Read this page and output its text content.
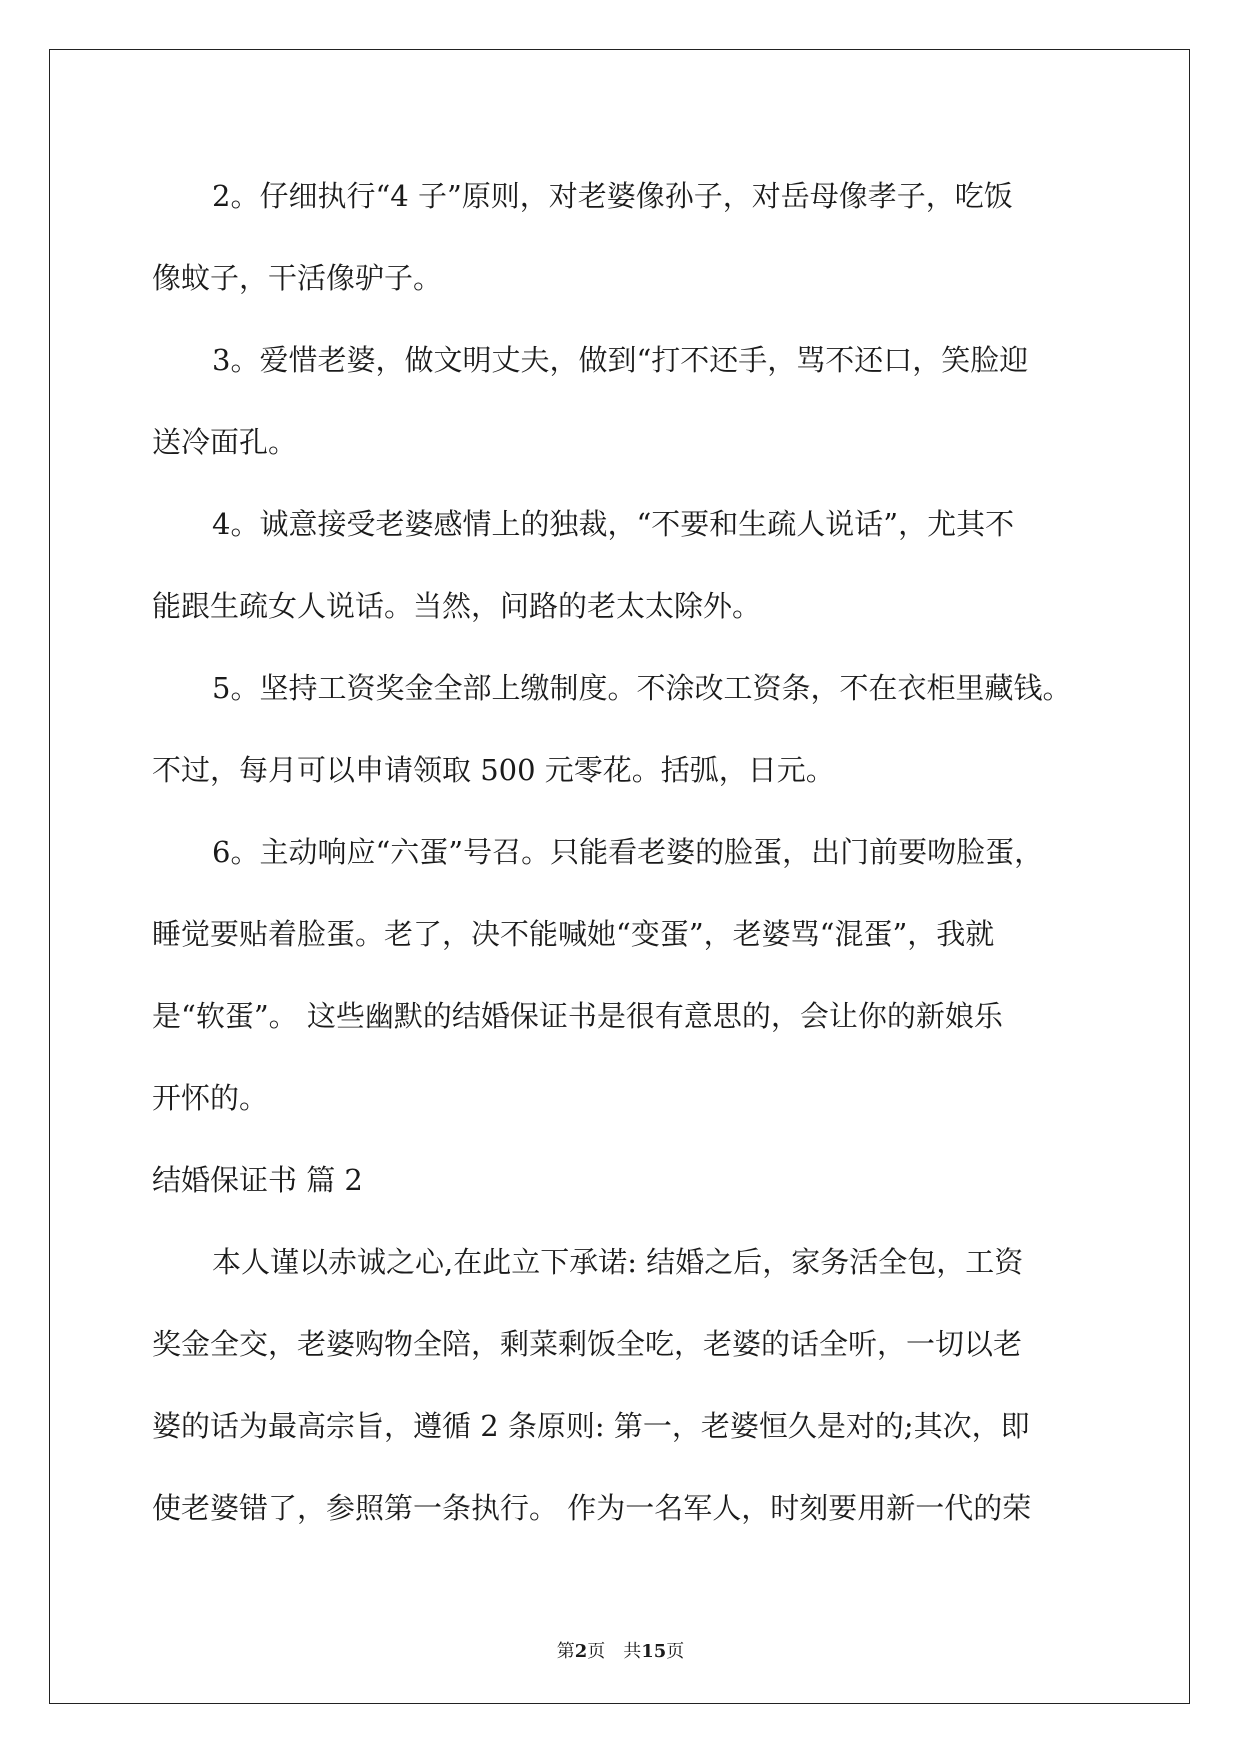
2。仔细执行“4 子”原则，对老婆像孙子，对岳母像孝子，吃饭
像蚊子，干活像驴子。
3。爱惜老婆，做文明丈夫，做到“打不还手，骂不还口，笑脸迎
送冷面孔。
4。诚意接受老婆感情上的独裁，“不要和生疏人说话”，尤其不
能跟生疏女人说话。当然，问路的老太太除外。
5。坚持工资奖金全部上缴制度。不涂改工资条，不在衣柜里藏钱。
不过，每月可以申请领取 500 元零花。括弧，日元。
6。主动响应“六蛋”号召。只能看老婆的脸蛋，出门前要吻脸蛋，
睡觉要贴着脸蛋。老了，决不能喊她“变蛋”，老婆骂“混蛋”，我就
是“软蛋”。 这些幽默的结婚保证书是很有意思的，会让你的新娘乐
开怀的。
结婚保证书 篇 2
本人谨以赤诚之心,在此立下承诺: 结婚之后，家务活全包，工资
奖金全交，老婆购物全陪，剩菜剩饭全吃，老婆的话全听，一切以老
婆的话为最高宗旨，遵循 2 条原则: 第一，老婆恒久是对的;其次，即
使老婆错了，参照第一条执行。 作为一名军人，时刻要用新一代的荣
第2页 共15页
